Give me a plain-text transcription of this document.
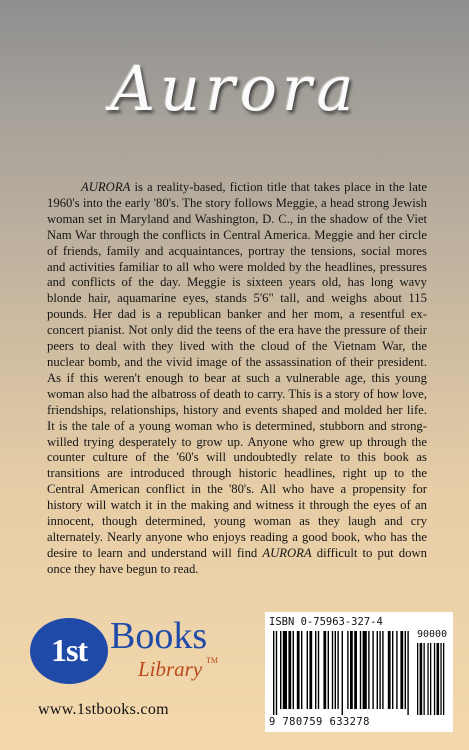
Aurora

AURORA is a reality-based, fiction title that takes place in the late 1960's into the early '80's. The story follows Meggie, a head strong Jewish woman set in Maryland and Washington, D. C., in the shadow of the Viet Nam War through the conflicts in Central America. Meggie and her circle of friends, family and acquaintances, portray the tensions, social mores and activities familiar to all who were molded by the headlines, pressures and conflicts of the day. Meggie is sixteen years old, has long wavy blonde hair, aquamarine eyes, stands 5'6" tall, and weighs about 115 pounds. Her dad is a republican banker and her mom, a resentful ex-concert pianist. Not only did the teens of the era have the pressure of their peers to deal with they lived with the cloud of the Vietnam War, the nuclear bomb, and the vivid image of the assassination of their president. As if this weren't enough to bear at such a vulnerable age, this young woman also had the albatross of death to carry. This is a story of how love, friendships, relationships, history and events shaped and molded her life. It is the tale of a young woman who is determined, stubborn and strong-willed trying desperately to grow up. Anyone who grew up through the counter culture of the '60's will undoubtedly relate to this book as transitions are introduced through historic headlines, right up to the Central American conflict in the '80's. All who have a propensity for history will watch it in the making and witness it through the eyes of an innocent, though determined, young woman as they laugh and cry alternately. Nearly anyone who enjoys reading a good book, who has the desire to learn and understand will find AURORA difficult to put down once they have begun to read.

1st Books
Library TM
www.1stbooks.com
ISBN 0-75963-327-4
90000
9 780759 633278
